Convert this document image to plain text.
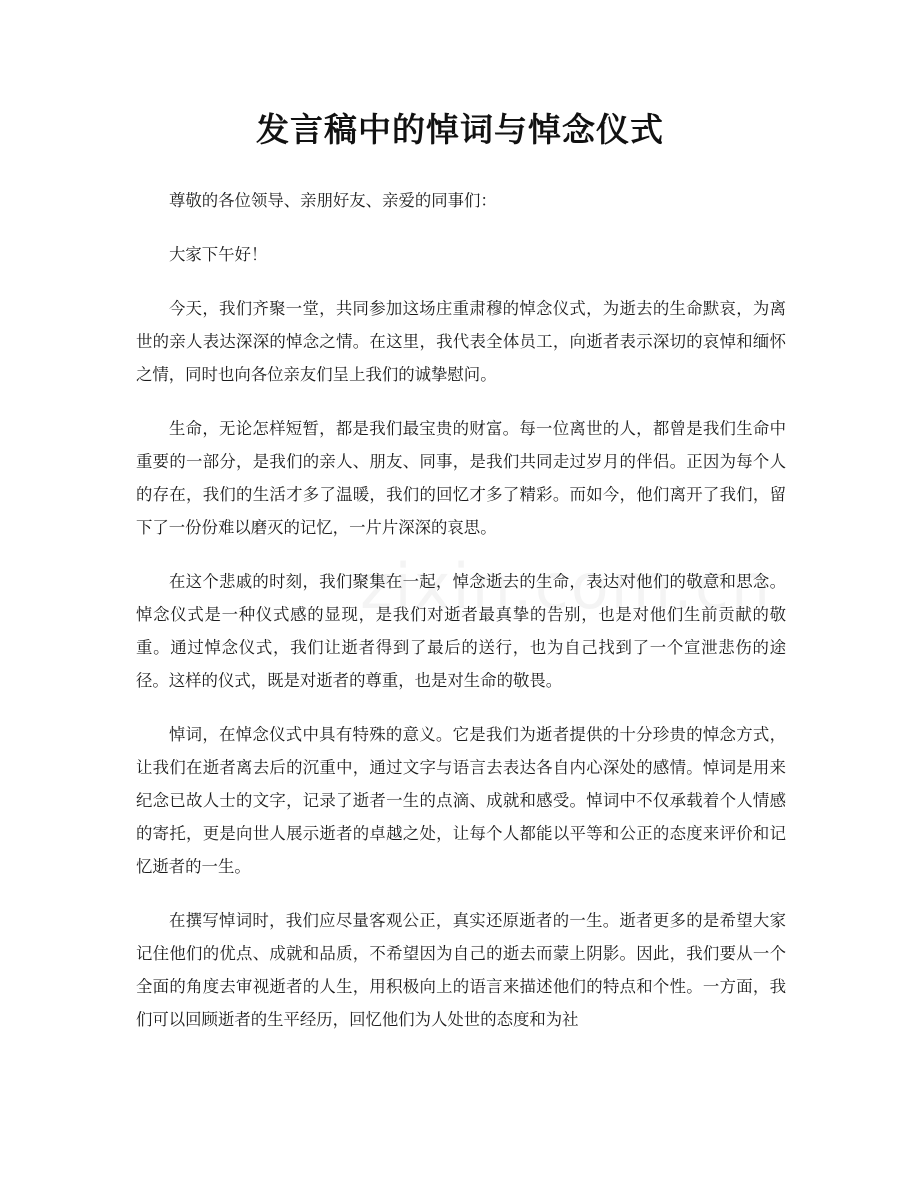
发言稿中的悼词与悼念仪式

尊敬的各位领导、亲朋好友、亲爱的同事们：

大家下午好！

今天，我们齐聚一堂，共同参加这场庄重肃穆的悼念仪式，为逝去的生命默哀，为离世的亲人表达深深的悼念之情。在这里，我代表全体员工，向逝者表示深切的哀悼和缅怀之情，同时也向各位亲友们呈上我们的诚挚慰问。

生命，无论怎样短暂，都是我们最宝贵的财富。每一位离世的人，都曾是我们生命中重要的一部分，是我们的亲人、朋友、同事，是我们共同走过岁月的伴侣。正因为每个人的存在，我们的生活才多了温暖，我们的回忆才多了精彩。而如今，他们离开了我们，留下了一份份难以磨灭的记忆，一片片深深的哀思。

在这个悲戚的时刻，我们聚集在一起，悼念逝去的生命，表达对他们的敬意和思念。悼念仪式是一种仪式感的显现，是我们对逝者最真挚的告别，也是对他们生前贡献的敬重。通过悼念仪式，我们让逝者得到了最后的送行，也为自己找到了一个宣泄悲伤的途径。这样的仪式，既是对逝者的尊重，也是对生命的敬畏。

悼词，在悼念仪式中具有特殊的意义。它是我们为逝者提供的十分珍贵的悼念方式，让我们在逝者离去后的沉重中，通过文字与语言去表达各自内心深处的感情。悼词是用来纪念已故人士的文字，记录了逝者一生的点滴、成就和感受。悼词中不仅承载着个人情感的寄托，更是向世人展示逝者的卓越之处，让每个人都能以平等和公正的态度来评价和记忆逝者的一生。

在撰写悼词时，我们应尽量客观公正，真实还原逝者的一生。逝者更多的是希望大家记住他们的优点、成就和品质，不希望因为自己的逝去而蒙上阴影。因此，我们要从一个全面的角度去审视逝者的人生，用积极向上的语言来描述他们的特点和个性。一方面，我们可以回顾逝者的生平经历，回忆他们为人处世的态度和为社
